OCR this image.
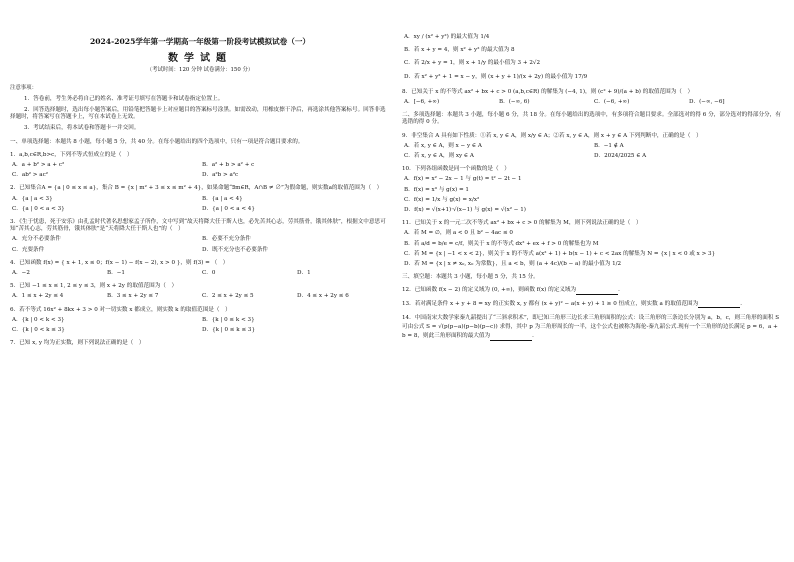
2024-2025学年第一学期高一年级第一阶段考试模拟试卷（一）
数学试题
（考试时间：120 分钟 试卷满分：150 分）
注意事项：
1．答卷前，考生务必将自己的姓名、准考证号填写在答题卡和试卷指定位置上。
2．回答选择题时，选出每小题答案后，用铅笔把答题卡上对应题目的答案标号涂黑。如需改动，用橡皮擦干净后，再选涂其他答案标号。回答非选择题时，将答案写在答题卡上，写在本试卷上无效。
3．考试结束后，将本试卷和答题卡一并交回。
一、单项选择题：本题共 8 小题，每小题 5 分，共 40 分。在每小题给出的四个选项中，只有一项是符合题目要求的。
1．a,b,c∈R,b>c，下列不等式恒成立的是（　）
A．a + b² > a + c²	B．a² + b > a² + c
C．ab² > ac²	D．a²b > a²c
2．已知集合A = {a | 0 ≤ x ≤ a}，集合 B = {x | m² + 3 ≤ x ≤ m² + 4}，如果命题“∃m∈R，A∩B ≠ ∅”为假命题，则实数a的取值范围为（　）
A．{a | a < 3}	B．{a | a < 4}
C．{a | 0 < a < 3}	D．{a | 0 < a < 4}
3．《生于忧患，死于安乐》由孔孟时代著名思想家孟子所作，文中写到“故天将降大任于斯人也，必先苦其心志，劳其筋骨，饿其体肤”，根据文中意思可知“苦其心志，劳其筋骨，饿其体肤”是“天将降大任于斯人也”的（　）
A．充分不必要条件	B．必要不充分条件
C．充要条件	D．既不充分也不必要条件
4．已知函数 f(x) = { x + 1, x ≤ 0；f(x − 1) − f(x − 2), x > 0 }，则 f(3) = （　）
A．−2	B．−1	C．0	D．1
5．已知 −1 ≤ x ≤ 1, 2 ≤ y ≤ 3，则 x + 2y 的取值范围为（　）
A．1 ≤ x + 2y ≤ 4	B．3 ≤ x + 2y ≤ 7	C．2 ≤ x + 2y ≤ 5	D．4 ≤ x + 2y ≤ 6
6．若不等式 16x² + 8kx + 3 > 0 对一切实数 x 都成立，则实数 k 的取值范围是（　）
A．{k | 0 < k < 3}	B．{k | 0 ≤ k < 3}
C．{k | 0 < k ≤ 3}	D．{k | 0 ≤ k ≤ 3}
7．已知 x, y 均为正实数，则下列说法正确的是（　）
A．xy / (x² + y²) 的最大值为 1/4
B．若 x + y = 4，则 x² + y² 的最大值为 8
C．若 2/x + y = 1，则 x + 1/y 的最小值为 3 + 2√2
D．若 x² + y² + 1 = x − y，则 (x + y + 1)/(x + 2y) 的最小值为 17/9
8．已知关于 x 的不等式 ax² + bx + c > 0 (a,b,c∈R) 的解集为 (−4, 1)，则 (c² + 9)/(a + b) 的取值范围为（　）
A．[−6, +∞)	B．(−∞, 6)	C．(−6, +∞)	D．(−∞, −6]
二、多项选择题：本题共 3 小题，每小题 6 分，共 18 分。在每小题给出的选项中，有多项符合题目要求。全部选对的得 6 分，部分选对的得部分分，有选错的得 0 分。
9．非空集合 A 具有如下性质：①若 x, y ∈ A，则 x/y ∈ A；②若 x, y ∈ A，则 x + y ∈ A 下列判断中，正确的是（　）
A．若 x, y ∈ A，则 x − y ∈ A	B．−1 ∉ A
C．若 x, y ∈ A，则 xy ∈ A	D．2024/2025 ∈ A
10．下列各组函数是同一个函数的是（　）
A．f(x) = x² − 2x − 1 与 g(t) = t² − 2t − 1
B．f(x) = x⁰ 与 g(x) = 1
C．f(x) = 1/x 与 g(x) = x/x²
D．f(x) = √(x+1)·√(x−1) 与 g(x) = √(x² − 1)
11．已知关于 x 的一元二次不等式 ax² + bx + c > 0 的解集为 M，则下列说法正确的是（　）
A．若 M = ∅，则 a < 0 且 b² − 4ac ≤ 0
B．若 a/d = b/e = c/f，则关于 x 的不等式 dx² + ex + f > 0 的解集也为 M
C．若 M = {x | −1 < x < 2}，则关于 x 的不等式 a(x² + 1) + b(x − 1) + c < 2ax 的解集为 N = {x | x < 0 或 x > 3}
D．若 M = {x | x ≠ x₀, x₀ 为常数}，且 a < b，则 (a + 4c)/(b − a) 的最小值为 1/2
三、填空题：本题共 3 小题，每小题 5 分，共 15 分。
12．已知函数 f(x − 2) 的定义域为 (0, +∞)，则函数 f(x) 的定义域为	．
13．若对满足条件 x + y + 8 = xy 的正实数 x, y 都有 (x + y)² − a(x + y) + 1 ≥ 0 恒成立，则实数 a 的取值范围为	．
14．中国南宋大数学家秦九韶提出了“三斜求积术”，即已知三角形三边长求三角形面积的公式：设三角形的三条边长分别为 a，b，c，则三角形的面积 S 可由公式 S = √(p(p−a)(p−b)(p−c)) 求得，其中 p 为三角形周长的一半，这个公式也被称为海伦-秦九韶公式.现有一个三角形的边长满足 p = 6，a + b = 8，则此三角形面积的最大值为	．
